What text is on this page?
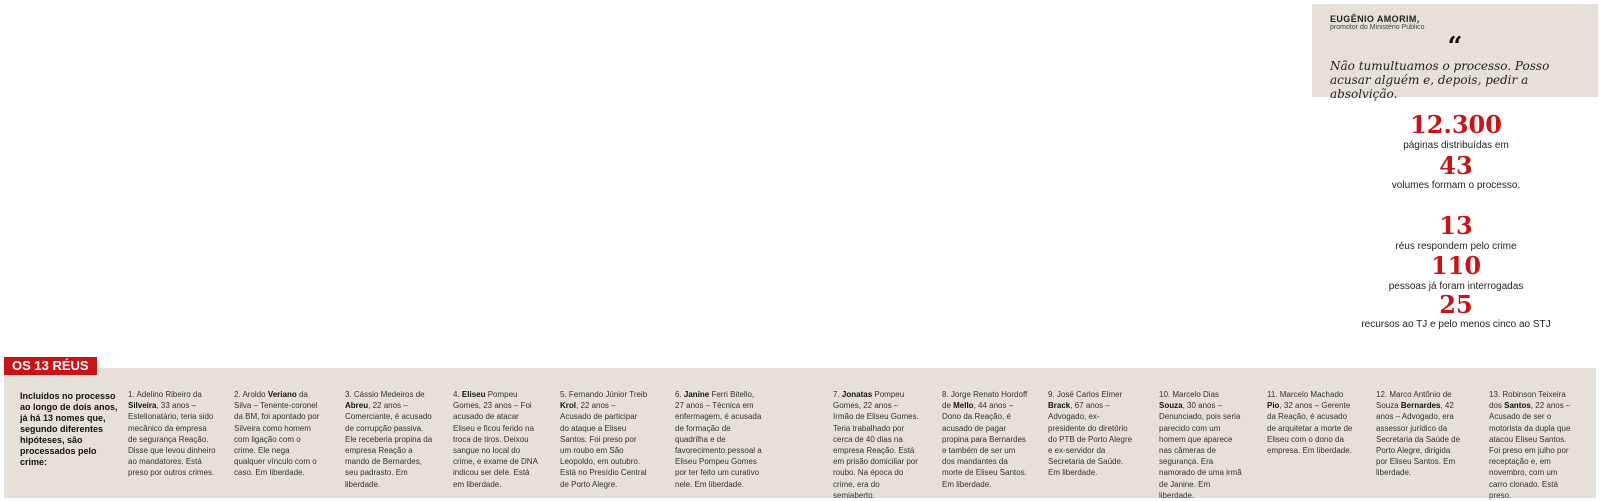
EUGÊNIO AMORIM,

promotor do Ministério Público

“

Não tumultuamos o processo. Posso acusar alguém e, depois, pedir a absolvição.

12.300
páginas distribuídas em
43
volumes formam o processo.
13
réus respondem pelo crime
110
pessoas já foram interrogadas
25
recursos ao TJ e pelo menos cinco ao STJ
OS 13 RÉUS
Incluídos no processo ao longo de dois anos, já há 13 nomes que, segundo diferentes hipóteses, são processados pelo crime:
1. Adelino Ribeiro da Silveira, 33 anos – Estelionatário, teria sido mecânico da empresa de segurança Reação. Disse que levou dinheiro ao mandatores. Está preso por outros crimes.
2. Aroldo Veriano da Silva – Tenente-coronel da BM, foi apontado por Silveira como homem com ligação com o crime. Ele nega qualquer vínculo com o caso. Em liberdade.
3. Cássio Medeiros de Abreu, 22 anos – Comerciante, é acusado de corrupção passiva. Ele receberia propina da empresa Reação a mando de Bernardes, seu padrasto. Em liberdade.
4. Eliseu Pompeu Gomes, 23 anos – Foi acusado de atacar Eliseu e ficou ferido na troca de tiros. Deixou sangue no local do crime, e exame de DNA indicou ser dele. Está em liberdade.
5. Fernando Júnior Treib Krol, 22 anos – Acusado de participar do ataque a Eliseu Santos. Foi preso por um roubo em São Leopoldo, em outubro. Está no Presídio Central de Porto Alegre.
6. Janine Ferri Bitello, 27 anos – Técnica em enfermagem, é acusada de formação de quadrilha e de favorecimento pessoal a Eliseu Pompeu Gomes por ter feito um curativo nele. Em liberdade.
7. Jonatas Pompeu Gomes, 22 anos – Irmão de Eliseu Gomes. Teria trabalhado por cerca de 40 dias na empresa Reação. Está em prisão domiciliar por roubo. Na época do crime, era do semiaberto.
8. Jorge Renato Hordoff de Mello, 44 anos – Dono da Reação, é acusado de pagar propina para Bernardes e também de ser um dos mandantes da morte de Eliseu Santos. Em liberdade.
9. José Carlos Elmer Brack, 67 anos – Advogado, ex-presidente do diretório do PTB de Porto Alegre e ex-servidor da Secretaria de Saúde. Em liberdade.
10. Marcelo Dias Souza, 30 anos – Denunciado, pois seria parecido com um homem que aparece nas câmeras de segurança. Era namorado de uma irmã de Janine. Em liberdade.
11. Marcelo Machado Pio, 32 anos – Gerente da Reação, é acusado de arquitetar a morte de Eliseu com o dono da empresa. Em liberdade.
12. Marco Antônio de Souza Bernardes, 42 anos – Advogado, era assessor jurídico da Secretaria da Saúde de Porto Alegre, dirigida por Eliseu Santos. Em liberdade.
13. Robinson Teixeira dos Santos, 22 anos – Acusado de ser o motorista da dupla que atacou Eliseu Santos. Foi preso em julho por receptação e, em novembro, com um carro clonado. Está preso.
